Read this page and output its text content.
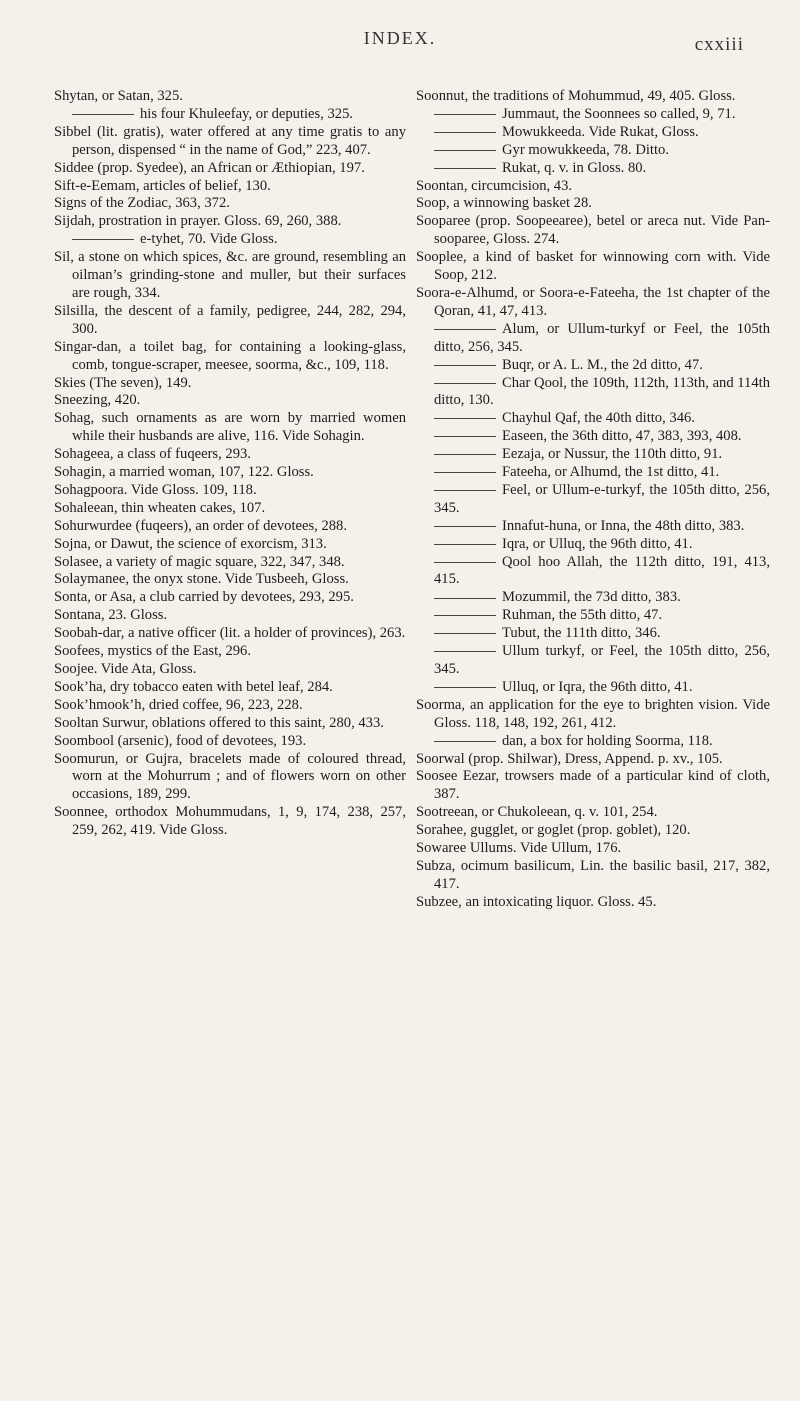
INDEX.	cxxiii

Shytan, or Satan, 325.

his four Khuleefay, or deputies, 325.

Sibbel (lit. gratis), water offered at any time gratis to any person, dispensed “ in the name of God,” 223, 407.

Siddee (prop. Syedee), an African or Æthiopian, 197.

Sift-e-Eemam, articles of belief, 130.

Signs of the Zodiac, 363, 372.

Sijdah, prostration in prayer. Gloss. 69, 260, 388.

e-tyhet, 70. Vide Gloss.

Sil, a stone on which spices, &c. are ground, resembling an oilman’s grinding-stone and muller, but their surfaces are rough, 334.

Silsilla, the descent of a family, pedigree, 244, 282, 294, 300.

Singar-dan, a toilet bag, for containing a looking-glass, comb, tongue-scraper, meesee, soorma, &c., 109, 118.

Skies (The seven), 149.

Sneezing, 420.

Sohag, such ornaments as are worn by married women while their husbands are alive, 116. Vide Sohagin.

Sohageea, a class of fuqeers, 293.

Sohagin, a married woman, 107, 122. Gloss.

Sohagpoora. Vide Gloss. 109, 118.

Sohaleean, thin wheaten cakes, 107.

Sohurwurdee (fuqeers), an order of devotees, 288.

Sojna, or Dawut, the science of exorcism, 313.

Solasee, a variety of magic square, 322, 347, 348.

Solaymanee, the onyx stone. Vide Tusbeeh, Gloss.

Sonta, or Asa, a club carried by devotees, 293, 295.

Sontana, 23. Gloss.

Soobah-dar, a native officer (lit. a holder of provinces), 263.

Soofees, mystics of the East, 296.

Soojee. Vide Ata, Gloss.

Sook’ha, dry tobacco eaten with betel leaf, 284.

Sook’hmook’h, dried coffee, 96, 223, 228.

Sooltan Surwur, oblations offered to this saint, 280, 433.

Soombool (arsenic), food of devotees, 193.

Soomurun, or Gujra, bracelets made of coloured thread, worn at the Mohurrum ; and of flowers worn on other occasions, 189, 299.

Soonnee, orthodox Mohummudans, 1, 9, 174, 238, 257, 259, 262, 419. Vide Gloss.

Soonnut, the traditions of Mohummud, 49, 405. Gloss.

Jummaut, the Soonnees so called, 9, 71.

Mowukkeeda. Vide Rukat, Gloss.

Gyr mowukkeeda, 78. Ditto.

Rukat, q. v. in Gloss. 80.

Soontan, circumcision, 43.

Soop, a winnowing basket 28.

Sooparee (prop. Soopeearee), betel or areca nut. Vide Pan-sooparee, Gloss. 274.

Sooplee, a kind of basket for winnowing corn with. Vide Soop, 212.

Soora-e-Alhumd, or Soora-e-Fateeha, the 1st chapter of the Qoran, 41, 47, 413.

Alum, or Ullum-turkyf or Feel, the 105th ditto, 256, 345.

Buqr, or A. L. M., the 2d ditto, 47.

Char Qool, the 109th, 112th, 113th, and 114th ditto, 130.

Chayhul Qaf, the 40th ditto, 346.

Easeen, the 36th ditto, 47, 383, 393, 408.

Eezaja, or Nussur, the 110th ditto, 91.

Fateeha, or Alhumd, the 1st ditto, 41.

Feel, or Ullum-e-turkyf, the 105th ditto, 256, 345.

Innafut-huna, or Inna, the 48th ditto, 383.

Iqra, or Ulluq, the 96th ditto, 41.

Qool hoo Allah, the 112th ditto, 191, 413, 415.

Mozummil, the 73d ditto, 383.

Ruhman, the 55th ditto, 47.

Tubut, the 111th ditto, 346.

Ullum turkyf, or Feel, the 105th ditto, 256, 345.

Ulluq, or Iqra, the 96th ditto, 41.

Soorma, an application for the eye to brighten vision. Vide Gloss. 118, 148, 192, 261, 412.

dan, a box for holding Soorma, 118.

Soorwal (prop. Shilwar), Dress, Append. p. xv., 105.

Soosee Eezar, trowsers made of a particular kind of cloth, 387.

Sootreean, or Chukoleean, q. v. 101, 254.

Sorahee, gugglet, or goglet (prop. goblet), 120.

Sowaree Ullums. Vide Ullum, 176.

Subza, ocimum basilicum, Lin. the basilic basil, 217, 382, 417.

Subzee, an intoxicating liquor. Gloss. 45.
